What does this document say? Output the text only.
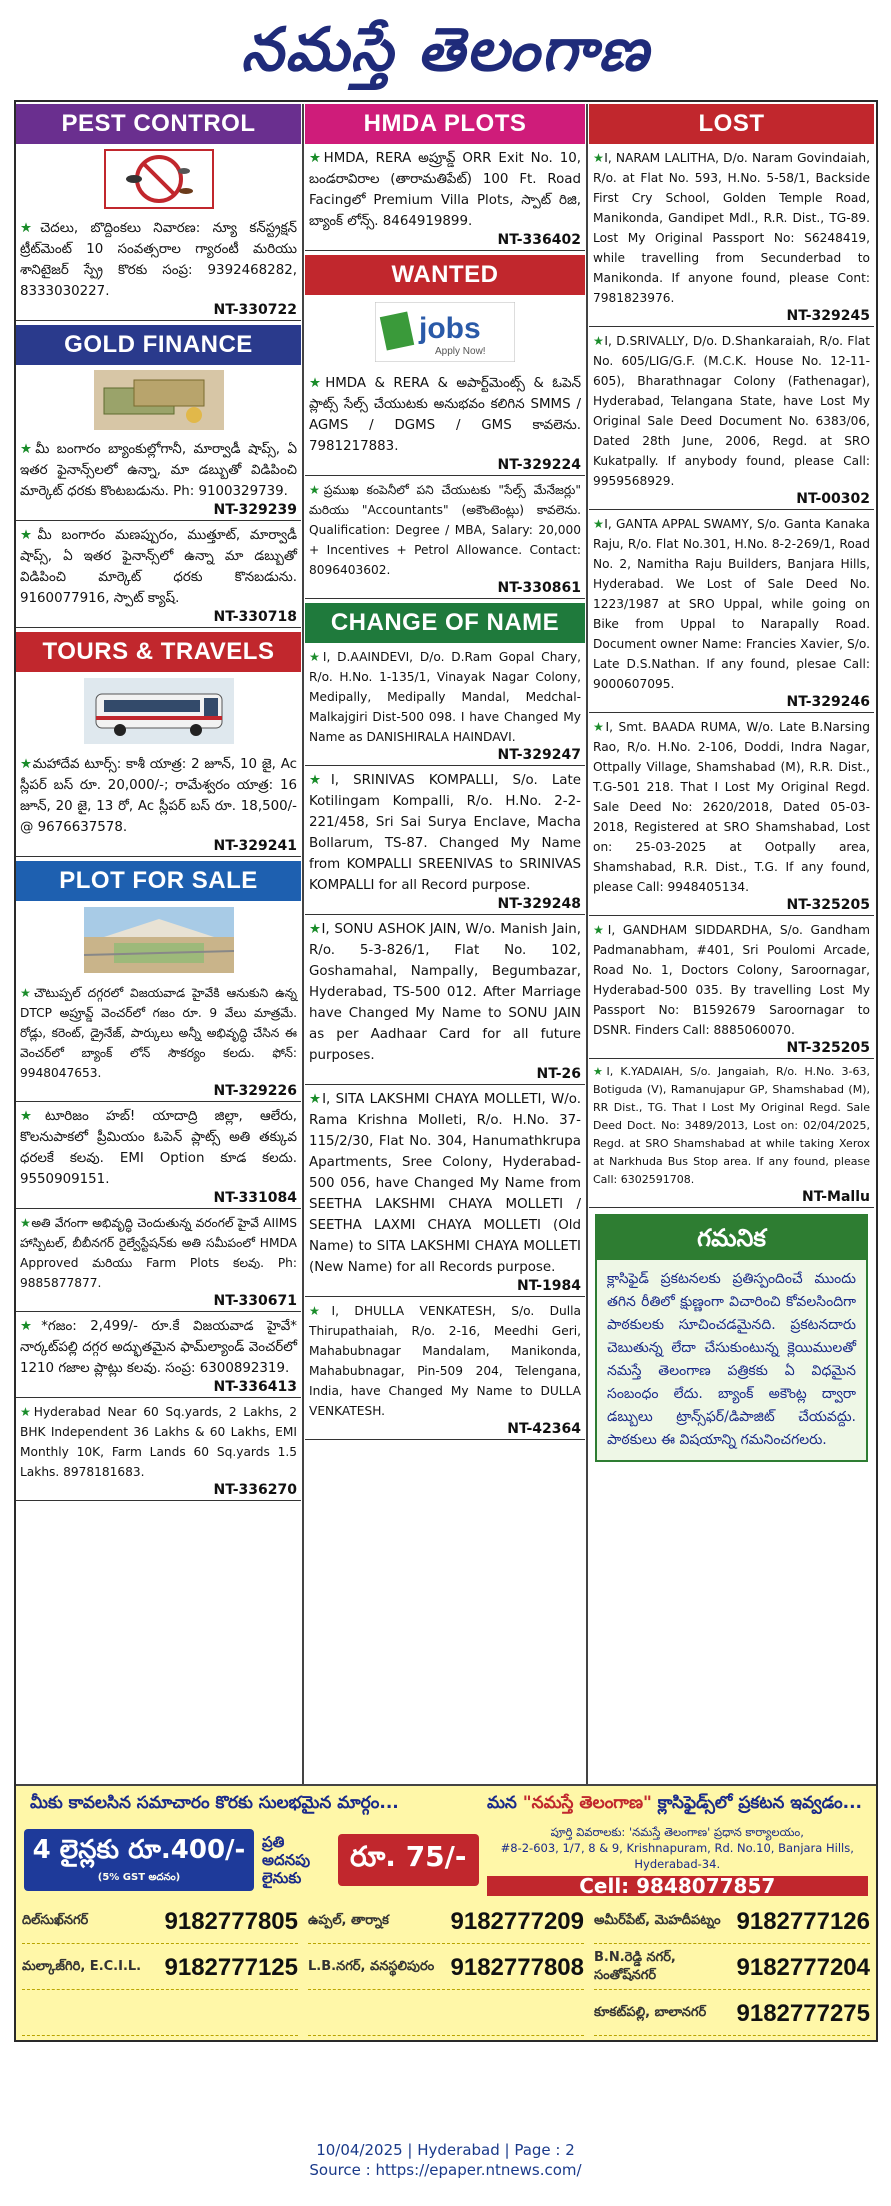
నమస్తే తెలంగాణ
PEST CONTROL
★చెదలు, బొద్దింకలు నివారణ: న్యూ కన్‌స్ట్రక్షన్ ట్రీట్‌మెంట్ 10 సంవత్సరాల గ్యారంటీ మరియు శానిటైజర్ స్ప్రే కొరకు సంప్ర: 9392468282, 8333030227.
NT-330722
GOLD FINANCE
★మీ బంగారం బ్యాంకుల్లోగానీ, మార్వాడీ షాప్స్, ఏ ఇతర ఫైనాన్స్‌లలో ఉన్నా, మా డబ్బుతో విడిపించి మార్కెట్ ధరకు కొంటబడును. Ph: 9100329739.
NT-329239
★మీ బంగారం మణప్పురం, ముత్తూట్, మార్వాడీ షాప్స్, ఏ ఇతర ఫైనాన్స్‌లో ఉన్నా మా డబ్బుతో విడిపించి మార్కెట్ ధరకు కొనబడును. 9160077916, స్పాట్ క్యాష్.
NT-330718
TOURS & TRAVELS
★మహాదేవ టూర్స్: కాశీ యాత్ర: 2 జూన్, 10 జై, Ac స్లీపర్ బస్ రూ. 20,000/-; రామేశ్వరం యాత్ర: 16 జూన్, 20 జై, 13 రో, Ac స్లీపర్ బస్ రూ. 18,500/- @ 9676637578.
NT-329241
PLOT FOR SALE
★చౌటుప్పల్ దగ్గరలో విజయవాడ హైవేకి ఆనుకుని ఉన్న DTCP అప్రూవ్డ్ వెంచర్‌లో గజం రూ. 9 వేలు మాత్రమే. రోడ్లు, కరెంట్, డ్రైనేజ్, పార్కులు అన్నీ అభివృద్ధి చేసిన ఈ వెంచర్‌లో బ్యాంక్ లోన్ సౌకర్యం కలదు. ఫోన్: 9948047653.
NT-329226
★టూరిజం హబ్! యాదాద్రి జిల్లా, ఆలేరు, కొలనుపాకలో ప్రీమియం ఓపెన్ ప్లాట్స్ అతి తక్కువ ధరలకే కలవు. EMI Option కూడ కలదు. 9550909151.
NT-331084
★అతి వేగంగా అభివృద్ధి చెందుతున్న వరంగల్ హైవే AIIMS హాస్పిటల్, బీబీనగర్ రైల్వేస్టేషన్‌కు అతి సమీపంలో HMDA Approved మరియు Farm Plots కలవు. Ph: 9885877877.
NT-330671
★*గజం: 2,499/- రూ.కే విజయవాడ హైవే* నార్కట్‌పల్లి దగ్గర అద్భుతమైన ఫామ్‌ల్యాండ్ వెంచర్‌లో 1210 గజాల ప్లాట్లు కలవు. సంప్ర: 6300892319.
NT-336413
★Hyderabad Near 60 Sq.yards, 2 Lakhs, 2 BHK Independent 36 Lakhs & 60 Lakhs, EMI Monthly 10K, Farm Lands 60 Sq.yards 1.5 Lakhs. 8978181683.
NT-336270
HMDA PLOTS
★HMDA, RERA అప్రూవ్డ్ ORR Exit No. 10, బండరావిరాల (తారామతిపేట్) 100 Ft. Road Facingలో Premium Villa Plots, స్పాట్ రిజి, బ్యాంక్ లోన్స్. 8464919899.
NT-336402
WANTED
jobs
Apply Now!
★HMDA & RERA & అపార్ట్‌మెంట్స్ & ఓపెన్ ప్లాట్స్ సేల్స్ చేయుటకు అనుభవం కలిగిన SMMS / AGMS / DGMS / GMS కావలెను. 7981217883.
NT-329224
★ప్రముఖ కంపెనీలో పని చేయుటకు "సేల్స్ మేనేజర్లు" మరియు "Accountants" (అకౌంటెంట్లు) కావలెను. Qualification: Degree / MBA, Salary: 20,000 + Incentives + Petrol Allowance. Contact: 8096403602.
NT-330861
CHANGE OF NAME
★I, D.AAINDEVI, D/o. D.Ram Gopal Chary, R/o. H.No. 1-135/1, Vinayak Nagar Colony, Medipally, Medipally Mandal, Medchal-Malkajgiri Dist-500 098. I have Changed My Name as DANISHIRALA HAINDAVI.
NT-329247
★I, SRINIVAS KOMPALLI, S/o. Late Kotilingam Kompalli, R/o. H.No. 2-2-221/458, Sri Sai Surya Enclave, Macha Bollarum, TS-87. Changed My Name from KOMPALLI SREENIVAS to SRINIVAS KOMPALLI for all Record purpose.
NT-329248
★I, SONU ASHOK JAIN, W/o. Manish Jain, R/o. 5-3-826/1, Flat No. 102, Goshamahal, Nampally, Begumbazar, Hyderabad, TS-500 012. After Marriage have Changed My Name to SONU JAIN as per Aadhaar Card for all future purposes.
NT-26
★I, SITA LAKSHMI CHAYA MOLLETI, W/o. Rama Krishna Molleti, R/o. H.No. 37-115/2/30, Flat No. 304, Hanumathkrupa Apartments, Sree Colony, Hyderabad-500 056, have Changed My Name from SEETHA LAKSHMI CHAYA MOLLETI / SEETHA LAXMI CHAYA MOLLETI (Old Name) to SITA LAKSHMI CHAYA MOLLETI (New Name) for all Records purpose.
NT-1984
★I, DHULLA VENKATESH, S/o. Dulla Thirupathaiah, R/o. 2-16, Meedhi Geri, Mahabubnagar Mandalam, Manikonda, Mahabubnagar, Pin-509 204, Telengana, India, have Changed My Name to DULLA VENKATESH.
NT-42364
LOST
★I, NARAM LALITHA, D/o. Naram Govindaiah, R/o. at Flat No. 593, H.No. 5-58/1, Backside First Cry School, Golden Temple Road, Manikonda, Gandipet Mdl., R.R. Dist., TG-89. Lost My Original Passport No: S6248419, while travelling from Secunderbad to Manikonda. If anyone found, please Cont: 7981823976.
NT-329245
★I, D.SRIVALLY, D/o. D.Shankaraiah, R/o. Flat No. 605/LIG/G.F. (M.C.K. House No. 12-11-605), Bharathnagar Colony (Fathenagar), Hyderabad, Telangana State, have Lost My Original Sale Deed Document No. 6383/06, Dated 28th June, 2006, Regd. at SRO Kukatpally. If anybody found, please Call: 9959568929.
NT-00302
★I, GANTA APPAL SWAMY, S/o. Ganta Kanaka Raju, R/o. Flat No.301, H.No. 8-2-269/1, Road No. 2, Namitha Raju Builders, Banjara Hills, Hyderabad. We Lost of Sale Deed No. 1223/1987 at SRO Uppal, while going on Bike from Uppal to Narapally Road. Document owner Name: Francies Xavier, S/o. Late D.S.Nathan. If any found, plesae Call: 9000607095.
NT-329246
★I, Smt. BAADA RUMA, W/o. Late B.Narsing Rao, R/o. H.No. 2-106, Doddi, Indra Nagar, Ottpally Village, Shamshabad (M), R.R. Dist., T.G-501 218. That I Lost My Original Regd. Sale Deed No: 2620/2018, Dated 05-03-2018, Registered at SRO Shamshabad, Lost on: 25-03-2025 at Ootpally area, Shamshabad, R.R. Dist., T.G. If any found, please Call: 9948405134.
NT-325205
★I, GANDHAM SIDDARDHA, S/o. Gandham Padmanabham, #401, Sri Poulomi Arcade, Road No. 1, Doctors Colony, Saroornagar, Hyderabad-500 035. By travelling Lost My Passport No: B1592679 Saroornagar to DSNR. Finders Call: 8885060070.
NT-325205
★I, K.YADAIAH, S/o. Jangaiah, R/o. H.No. 3-63, Botiguda (V), Ramanujapur GP, Shamshabad (M), RR Dist., TG. That I Lost My Original Regd. Sale Deed Doct. No: 3489/2013, Lost on: 02/04/2025, Regd. at SRO Shamshabad at while taking Xerox at Narkhuda Bus Stop area. If any found, please Call: 6302591708.
NT-Mallu
గమనిక
క్లాసిఫైడ్ ప్రకటనలకు ప్రతిస్పందించే ముందు తగిన రీతిలో క్షుణ్ణంగా విచారించి కోవలసిందిగా పాఠకులకు సూచించడమైనది. ప్రకటనదారు చెబుతున్న లేదా చేసుకుంటున్న క్లెయిములతో నమస్తే తెలంగాణ పత్రికకు ఏ విధమైన సంబంధం లేదు. బ్యాంక్ అకౌంట్ల ద్వారా డబ్బులు ట్రాన్స్‌ఫర్/డిపాజిట్ చేయవద్దు. పాఠకులు ఈ విషయాన్ని గమనించగలరు.
మీకు కావలసిన సమాచారం కొరకు సులభమైన మార్గం...	మన "నమస్తే తెలంగాణ" క్లాసిఫైడ్స్‌లో ప్రకటన ఇవ్వడం...
4 లైన్లకు రూ.400/-
(5% GST అదనం)
ప్రతి అదనపు లైనుకు
రూ. 75/-
పూర్తి వివరాలకు: 'నమస్తే తెలంగాణ' ప్రధాన కార్యాలయం,
#8-2-603, 1/7, 8 & 9, Krishnapuram, Rd. No.10, Banjara Hills, Hyderabad-34.
Cell: 9848077857
దిల్‌సుఖ్‌నగర్	9182777805 ఉప్పల్, తార్నాక	9182777209 అమీర్‌పేట్, మెహదీపట్నం 9182777126
మల్కాజ్‌గిరి, E.C.I.L. 9182777125 L.B.నగర్, వనస్థలిపురం 9182777808 B.N.రెడ్డి నగర్, సంతోష్‌నగర్	9182777204
కూకట్‌పల్లి, బాలానగర్ 9182777275
10/04/2025 | Hyderabad | Page : 2
Source : https://epaper.ntnews.com/
